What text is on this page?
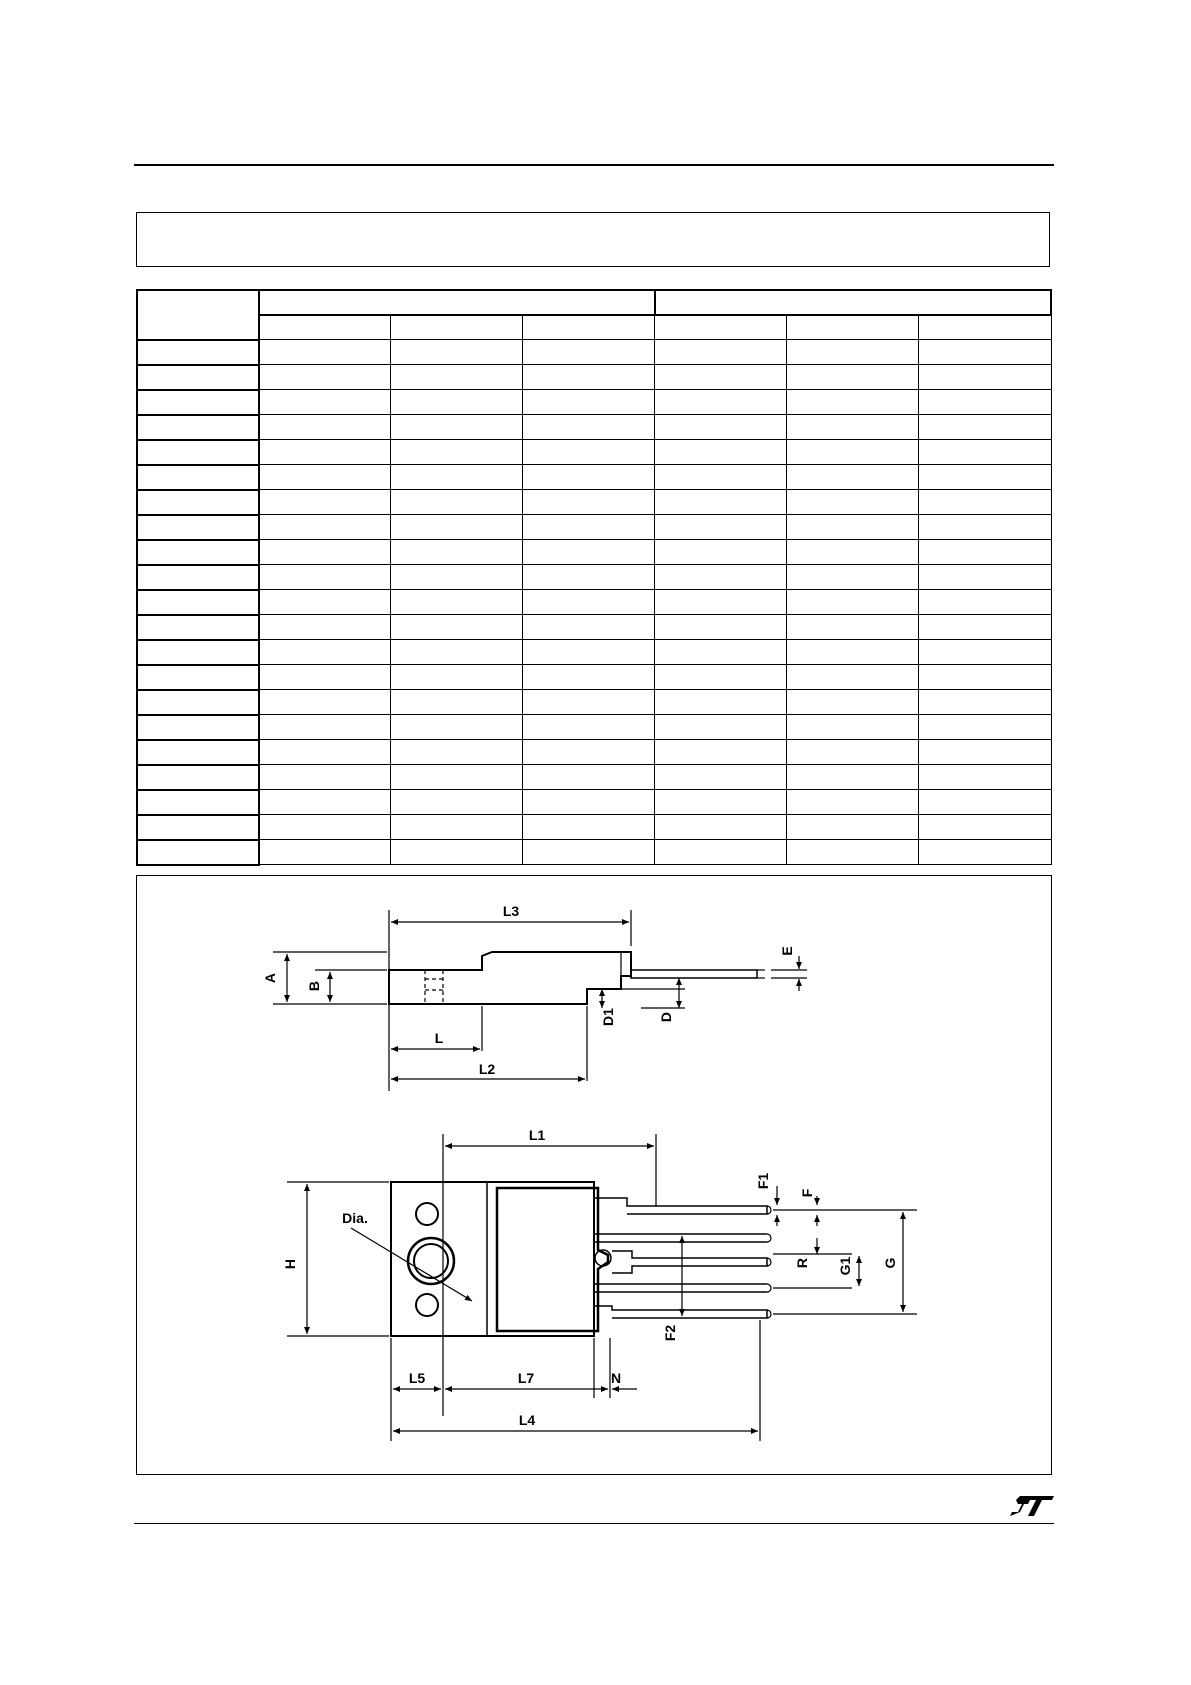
L3
A
B
E
D1	D
L
L2
L1
F1
F
Dia.
H	R G1 G
F2
L5	L7	N
L4
